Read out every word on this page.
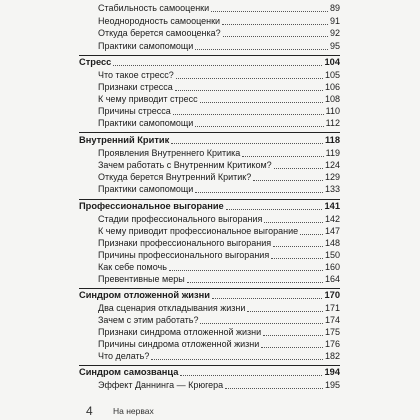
Стабильность самооценки	89
Неоднородность самооценки	91
Откуда берется самооценка?	92
Практики самопомощи	95
Стресс	104
Что такое стресс?	105
Признаки стресса	106
К чему приводит стресс	108
Причины стресса	110
Практики самопомощи	112
Внутренний Критик	118
Проявления Внутреннего Критика	119
Зачем работать с Внутренним Критиком?	124
Откуда берется Внутренний Критик?	129
Практики самопомощи	133
Профессиональное выгорание	141
Стадии профессионального выгорания	142
К чему приводит профессиональное выгорание	147
Признаки профессионального выгорания	148
Причины профессионального выгорания	150
Как себе помочь	160
Превентивные меры	164
Синдром отложенной жизни	170
Два сценария откладывания жизни	171
Зачем с этим работать?	174
Признаки синдрома отложенной жизни	175
Причины синдрома отложенной жизни	176
Что делать?	182
Синдром самозванца	194
Эффект Даннинга — Крюгера	195
4 На нервах
